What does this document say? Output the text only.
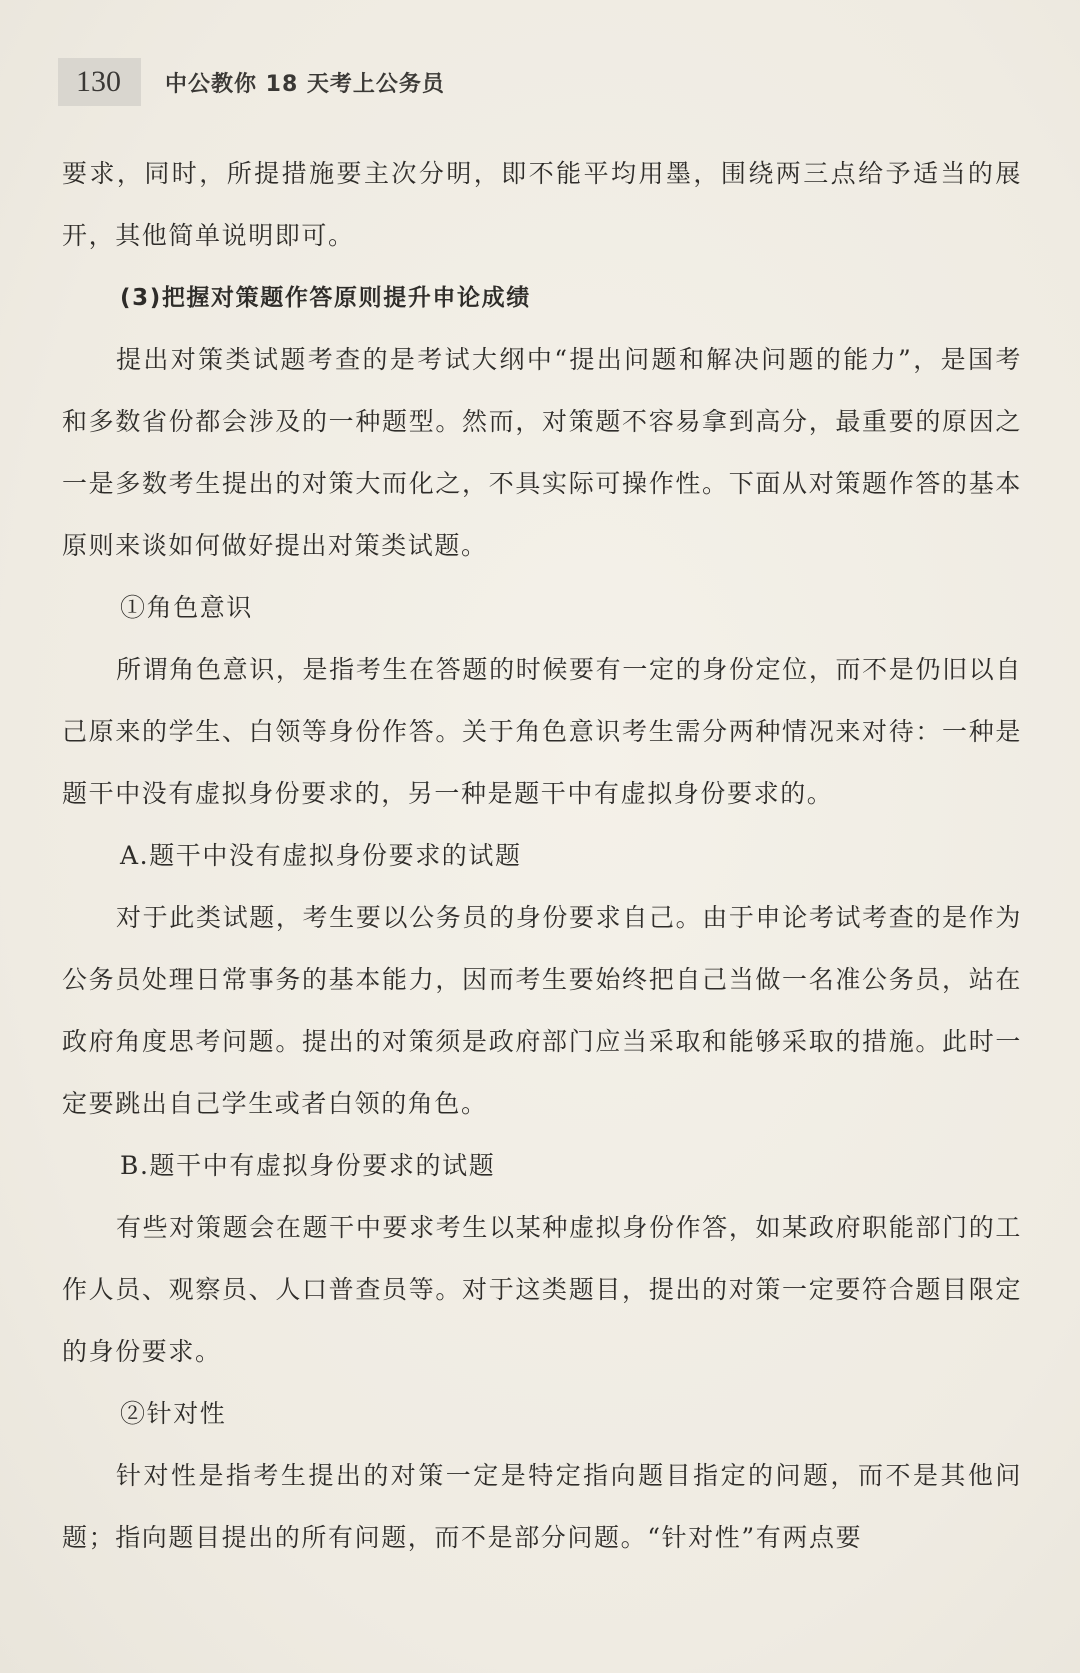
130	中公教你 18 天考上公务员

要求，同时，所提措施要主次分明，即不能平均用墨，围绕两三点给予适当的展开，其他简单说明即可。

(3)把握对策题作答原则提升申论成绩

提出对策类试题考查的是考试大纲中“提出问题和解决问题的能力”，是国考和多数省份都会涉及的一种题型。然而，对策题不容易拿到高分，最重要的原因之一是多数考生提出的对策大而化之，不具实际可操作性。下面从对策题作答的基本原则来谈如何做好提出对策类试题。

①角色意识

所谓角色意识，是指考生在答题的时候要有一定的身份定位，而不是仍旧以自己原来的学生、白领等身份作答。关于角色意识考生需分两种情况来对待：一种是题干中没有虚拟身份要求的，另一种是题干中有虚拟身份要求的。

A.题干中没有虚拟身份要求的试题

对于此类试题，考生要以公务员的身份要求自己。由于申论考试考查的是作为公务员处理日常事务的基本能力，因而考生要始终把自己当做一名准公务员，站在政府角度思考问题。提出的对策须是政府部门应当采取和能够采取的措施。此时一定要跳出自己学生或者白领的角色。

B.题干中有虚拟身份要求的试题

有些对策题会在题干中要求考生以某种虚拟身份作答，如某政府职能部门的工作人员、观察员、人口普查员等。对于这类题目，提出的对策一定要符合题目限定的身份要求。

②针对性

针对性是指考生提出的对策一定是特定指向题目指定的问题，而不是其他问题；指向题目提出的所有问题，而不是部分问题。“针对性”有两点要
